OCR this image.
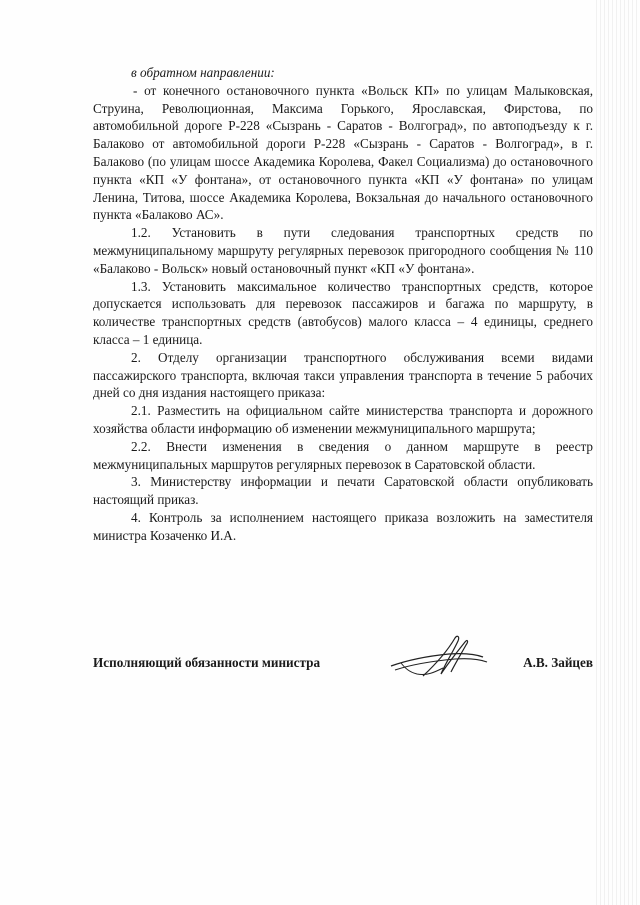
в обратном направлении:

- от конечного остановочного пункта «Вольск КП» по улицам Малыковская, Струина, Революционная, Максима Горького, Ярославская, Фирстова, по автомобильной дороге Р-228 «Сызрань - Саратов - Волгоград», по автоподъезду к г. Балаково от автомобильной дороги Р-228 «Сызрань - Саратов - Волгоград», в г. Балаково (по улицам шоссе Академика Королева, Факел Социализма) до остановочного пункта «КП «У фонтана», от остановочного пункта «КП «У фонтана» по улицам Ленина, Титова, шоссе Академика Королева, Вокзальная до начального остановочного пункта «Балаково АС».

1.2. Установить в пути следования транспортных средств по межмуниципальному маршруту регулярных перевозок пригородного сообщения № 110 «Балаково - Вольск» новый остановочный пункт «КП «У фонтана».

1.3. Установить максимальное количество транспортных средств, которое допускается использовать для перевозок пассажиров и багажа по маршруту, в количестве транспортных средств (автобусов) малого класса – 4 единицы, среднего класса – 1 единица.

2. Отделу организации транспортного обслуживания всеми видами пассажирского транспорта, включая такси управления транспорта в течение 5 рабочих дней со дня издания настоящего приказа:

2.1. Разместить на официальном сайте министерства транспорта и дорожного хозяйства области информацию об изменении межмуниципального маршрута;

2.2. Внести изменения в сведения о данном маршруте в реестр межмуниципальных маршрутов регулярных перевозок в Саратовской области.

3. Министерству информации и печати Саратовской области опубликовать настоящий приказ.

4. Контроль за исполнением настоящего приказа возложить на заместителя министра Козаченко И.А.

Исполняющий обязанности министра	А.В. Зайцев
